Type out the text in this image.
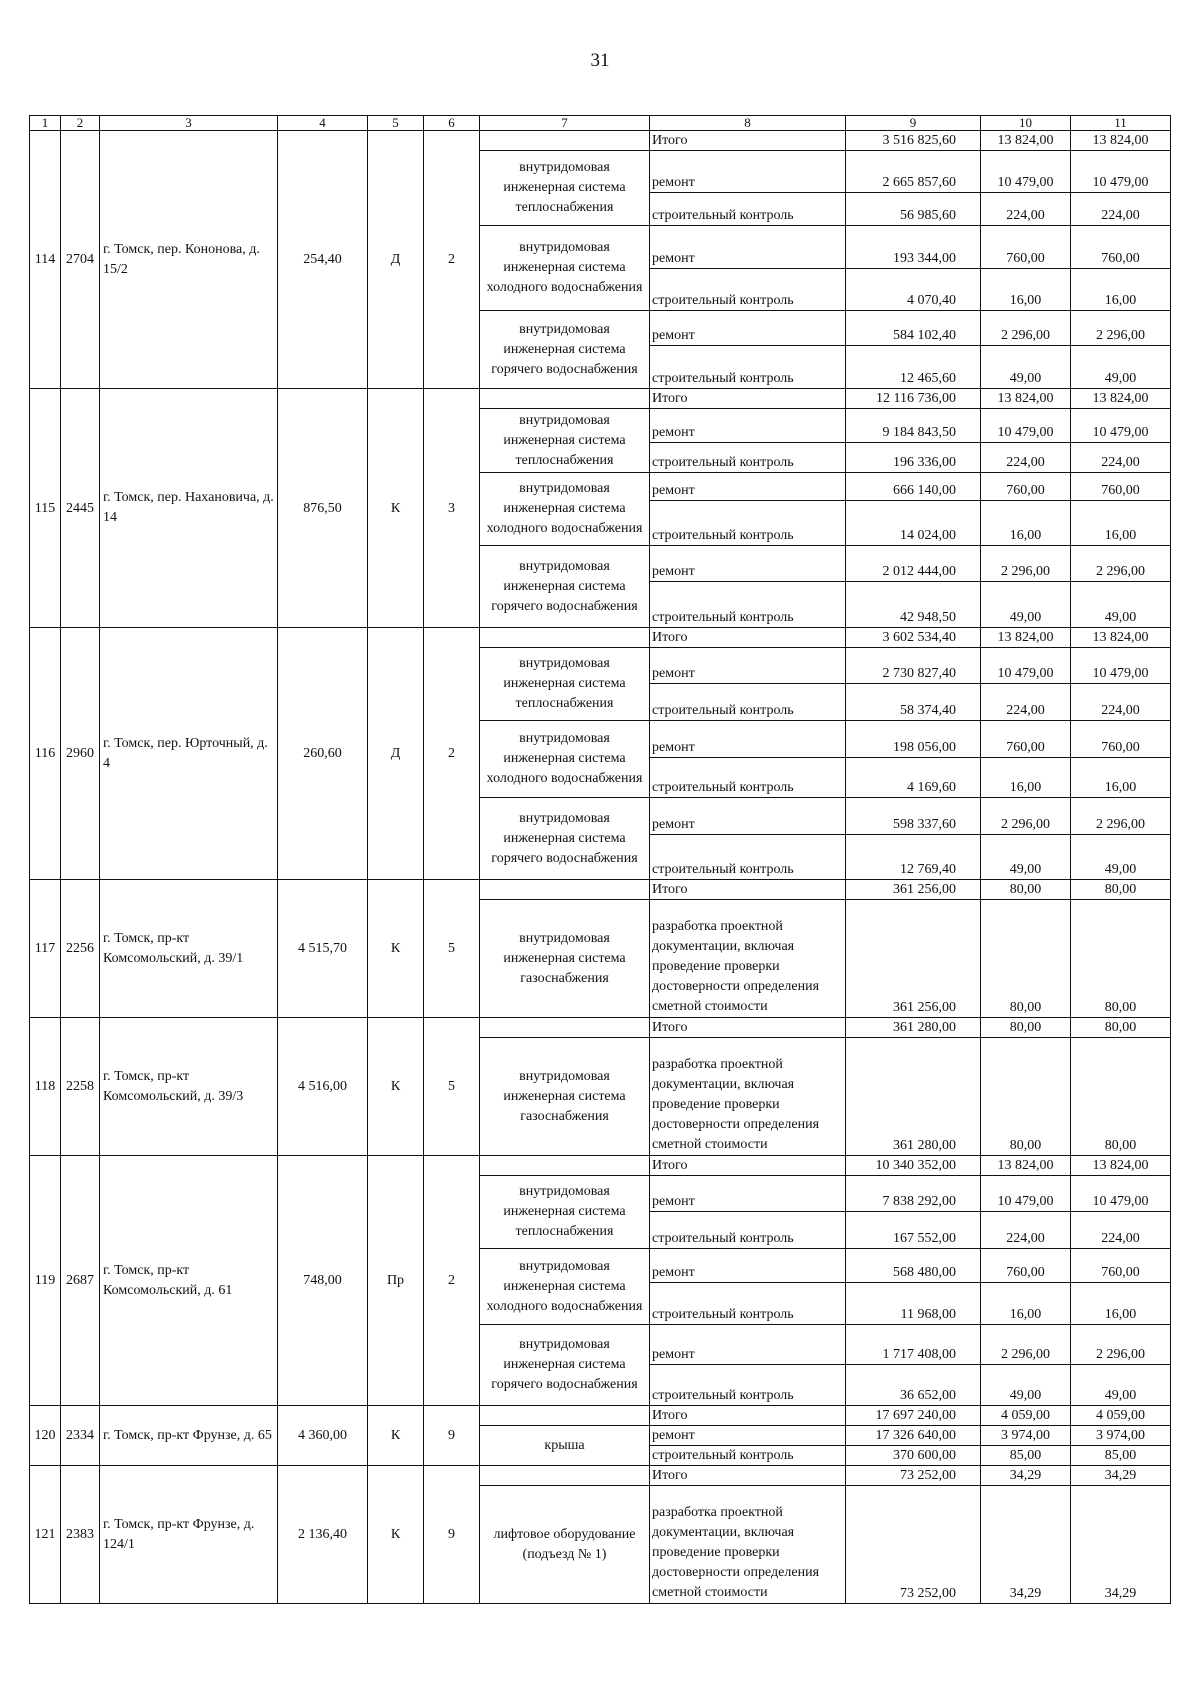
31
1	2	3	4	5	6	7	8	9	10	11
114	2704	г. Томск, пер. Кононова, д. 15/2	254,40	Д	2		Итого	3 516 825,60	13 824,00	13 824,00
						внутридомовая инженерная система теплоснабжения	ремонт	2 665 857,60	10 479,00	10 479,00
							строительный контроль	56 985,60	224,00	224,00
						внутридомовая инженерная система холодного водоснабжения	ремонт	193 344,00	760,00	760,00
							строительный контроль	4 070,40	16,00	16,00
						внутридомовая инженерная система горячего водоснабжения	ремонт	584 102,40	2 296,00	2 296,00
							строительный контроль	12 465,60	49,00	49,00
115	2445	г. Томск, пер. Нахановича, д. 14	876,50	К	3		Итого	12 116 736,00	13 824,00	13 824,00
						внутридомовая инженерная система теплоснабжения	ремонт	9 184 843,50	10 479,00	10 479,00
							строительный контроль	196 336,00	224,00	224,00
						внутридомовая инженерная система холодного водоснабжения	ремонт	666 140,00	760,00	760,00
							строительный контроль	14 024,00	16,00	16,00
						внутридомовая инженерная система горячего водоснабжения	ремонт	2 012 444,00	2 296,00	2 296,00
							строительный контроль	42 948,50	49,00	49,00
116	2960	г. Томск, пер. Юрточный, д. 4	260,60	Д	2		Итого	3 602 534,40	13 824,00	13 824,00
						внутридомовая инженерная система теплоснабжения	ремонт	2 730 827,40	10 479,00	10 479,00
							строительный контроль	58 374,40	224,00	224,00
						внутридомовая инженерная система холодного водоснабжения	ремонт	198 056,00	760,00	760,00
							строительный контроль	4 169,60	16,00	16,00
						внутридомовая инженерная система горячего водоснабжения	ремонт	598 337,60	2 296,00	2 296,00
							строительный контроль	12 769,40	49,00	49,00
117	2256	г. Томск, пр-кт Комсомольский, д. 39/1	4 515,70	К	5		Итого	361 256,00	80,00	80,00
						внутридомовая инженерная система газоснабжения	разработка проектной документации, включая проведение проверки достоверности определения сметной стоимости	361 256,00	80,00	80,00
118	2258	г. Томск, пр-кт Комсомольский, д. 39/3	4 516,00	К	5		Итого	361 280,00	80,00	80,00
						внутридомовая инженерная система газоснабжения	разработка проектной документации, включая проведение проверки достоверности определения сметной стоимости	361 280,00	80,00	80,00
119	2687	г. Томск, пр-кт Комсомольский, д. 61	748,00	Пр	2		Итого	10 340 352,00	13 824,00	13 824,00
						внутридомовая инженерная система теплоснабжения	ремонт	7 838 292,00	10 479,00	10 479,00
							строительный контроль	167 552,00	224,00	224,00
						внутридомовая инженерная система холодного водоснабжения	ремонт	568 480,00	760,00	760,00
							строительный контроль	11 968,00	16,00	16,00
						внутридомовая инженерная система горячего водоснабжения	ремонт	1 717 408,00	2 296,00	2 296,00
							строительный контроль	36 652,00	49,00	49,00
120	2334	г. Томск, пр-кт Фрунзе, д. 65	4 360,00	К	9		Итого	17 697 240,00	4 059,00	4 059,00
						крыша	ремонт	17 326 640,00	3 974,00	3 974,00
							строительный контроль	370 600,00	85,00	85,00
121	2383	г. Томск, пр-кт Фрунзе, д. 124/1	2 136,40	К	9		Итого	73 252,00	34,29	34,29
						лифтовое оборудование (подъезд № 1)	разработка проектной документации, включая проведение проверки достоверности определения сметной стоимости	73 252,00	34,29	34,29
